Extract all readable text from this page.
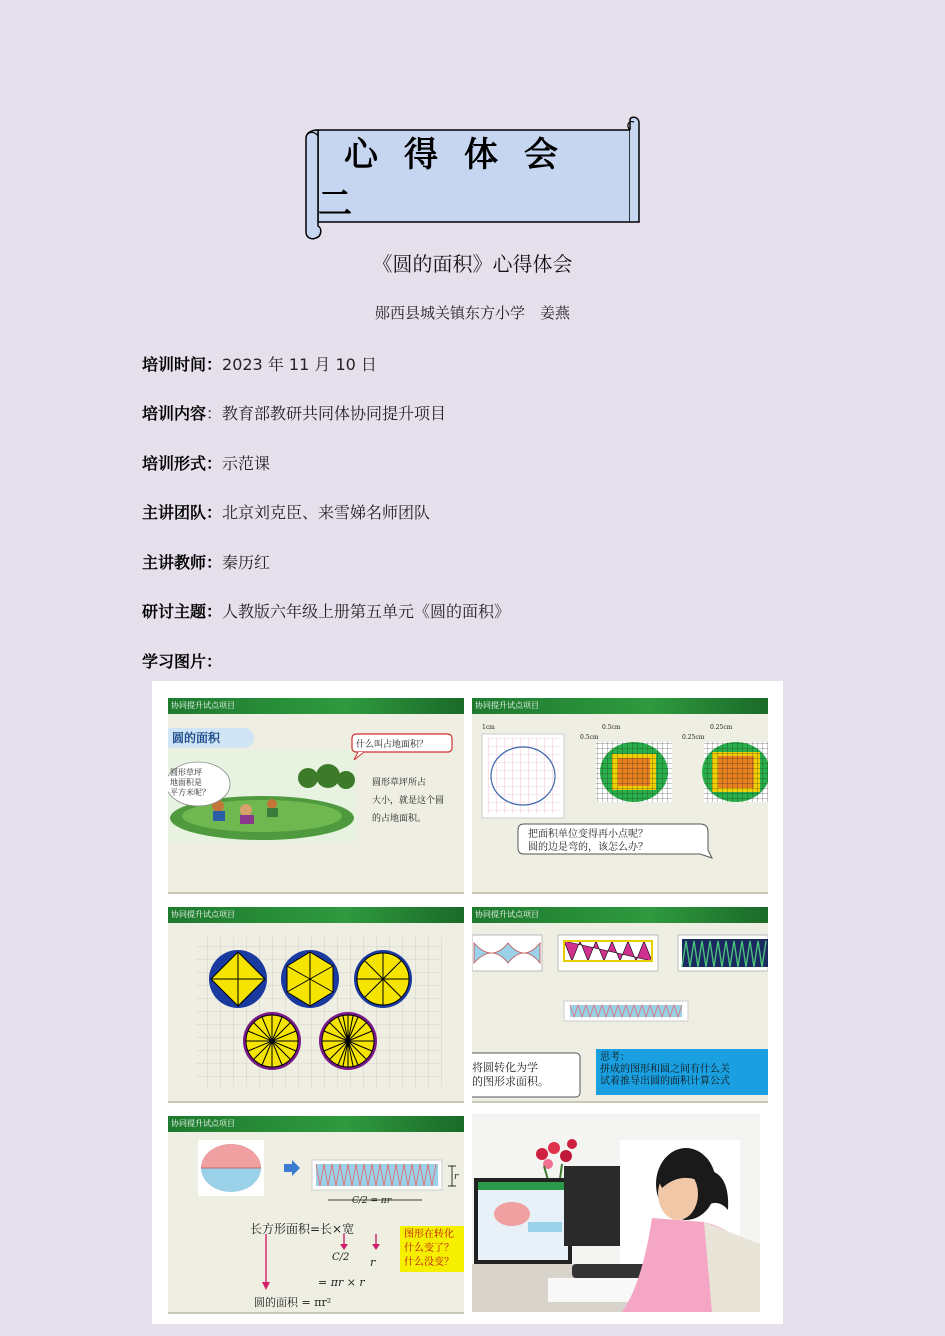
心得体会二
《圆的面积》心得体会
郧西县城关镇东方小学　姜燕
培训时间：2023 年 11 月 10 日
培训内容：教育部教研共同体协同提升项目
培训形式：示范课
主讲团队：北京刘克臣、来雪娣名师团队
主讲教师：秦历红
研讨主题：人教版六年级上册第五单元《圆的面积》
学习图片：
协同提升试点项目
圆的面积
圆形草坪
地面积是
平方米呢？
什么叫占地面积？
圆形草坪所占
大小，就是这个圆
的占地面积。
协同提升试点项目
1cm	0.5cm
0.5cm
0.25cm
0.25cm
把面积单位变得再小点呢？
圆的边是弯的，该怎么办？
协同提升试点项目	协同提升试点项目
将圆转化为学
的图形求面积。
思考：
拼成的图形和圆之间有什么关
试着推导出圆的面积计算公式
协同提升试点项目
C/2 = πr
r
长方形面积=长×宽
C/2 r
= πr × r
圆的面积 = πr²
图形在转化
什么变了？
什么没变？
